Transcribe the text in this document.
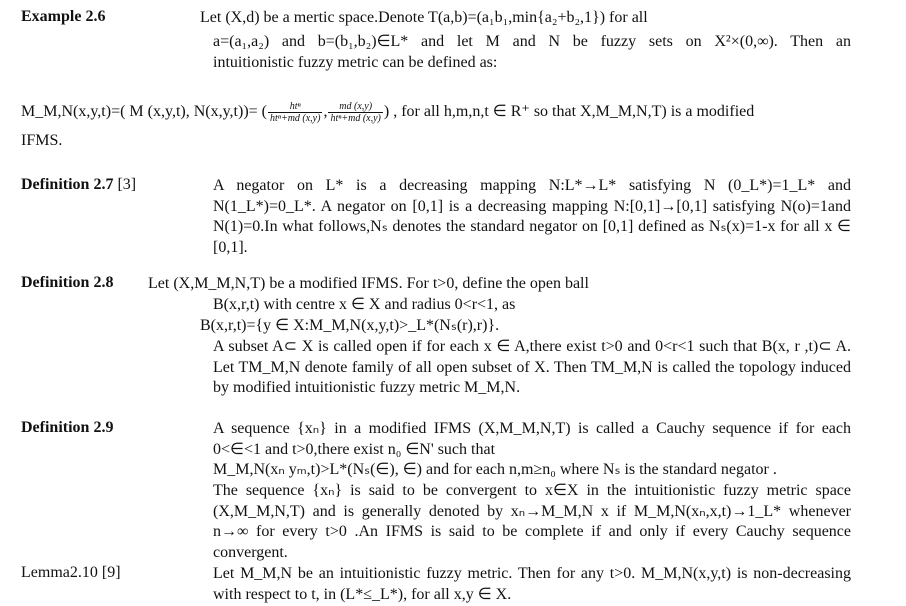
Example 2.6	Let (X,d) be a mertic space.Denote T(a,b)=(a₁b₁,min{a₂+b₂,1}) for all
a=(a₁,a₂) and b=(b₁,b₂)∈L* and let M and N be fuzzy sets on X²×(0,∞). Then an
intuitionistic fuzzy metric can be defined as:
M_M,N(x,y,t)=( M (x,y,t), N(x,y,t))= ( $\frac{\text{htⁿ}}{\text{htⁿ+md (x,y)}}$ , $\frac{md (x,y)}{\text{htⁿ+md (x,y)}}$ ) , for all h,m,n,t ∈ R⁺ so that X,M_M,N,T) is a modified
IFMS.
Definition 2.7 [3]	A negator on L* is a decreasing mapping N:L*→L* satisfying N (0_L*)=1_L* and N(1_L*)=0_L*. A negator on [0,1] is a decreasing mapping N:[0,1]→[0,1] satisfying N(o)=1and N(1)=0.In what follows,Nₛ denotes the standard negator on [0,1] defined as Nₛ(x)=1-x for all x ∈ [0,1].
Definition 2.8 Let (X,M_M,N,T) be a modified IFMS. For t>0, define the open ball
B(x,r,t) with centre x ∈ X and radius 0<r<1, as
B(x,r,t)={y ∈ X:M_M,N(x,y,t)>_L*(Nₛ(r),r)}.
A subset A⊂ X is called open if for each x ∈ A,there exist t>0 and 0<r<1 such that B(x, r ,t)⊂ A. Let TM_M,N denote family of all open subset of X. Then TM_M,N is called the topology induced by modified intuitionistic fuzzy metric M_M,N.
Definition 2.9	A sequence {xₙ} in a modified IFMS (X,M_M,N,T) is called a Cauchy sequence if for each 0<∈<1 and t>0,there exist n₀ ∈N' such that
M_M,N(xₙ yₘ,t)>L*(Nₛ(∈), ∈) and for each n,m≥n₀ where Nₛ is the standard negator .
The sequence {xₙ} is said to be convergent to x∈X in the intuitionistic fuzzy metric space (X,M_M,N,T) and is generally denoted by xₙ→M_M,N x if M_M,N(xₙ,x,t)→1_L* whenever n→∞ for every t>0 .An IFMS is said to be complete if and only if every Cauchy sequence convergent.
Lemma2.10 [9]	Let M_M,N be an intuitionistic fuzzy metric. Then for any t>0. M_M,N(x,y,t) is non-decreasing with respect to t, in (L*≤_L*), for all x,y ∈ X.
